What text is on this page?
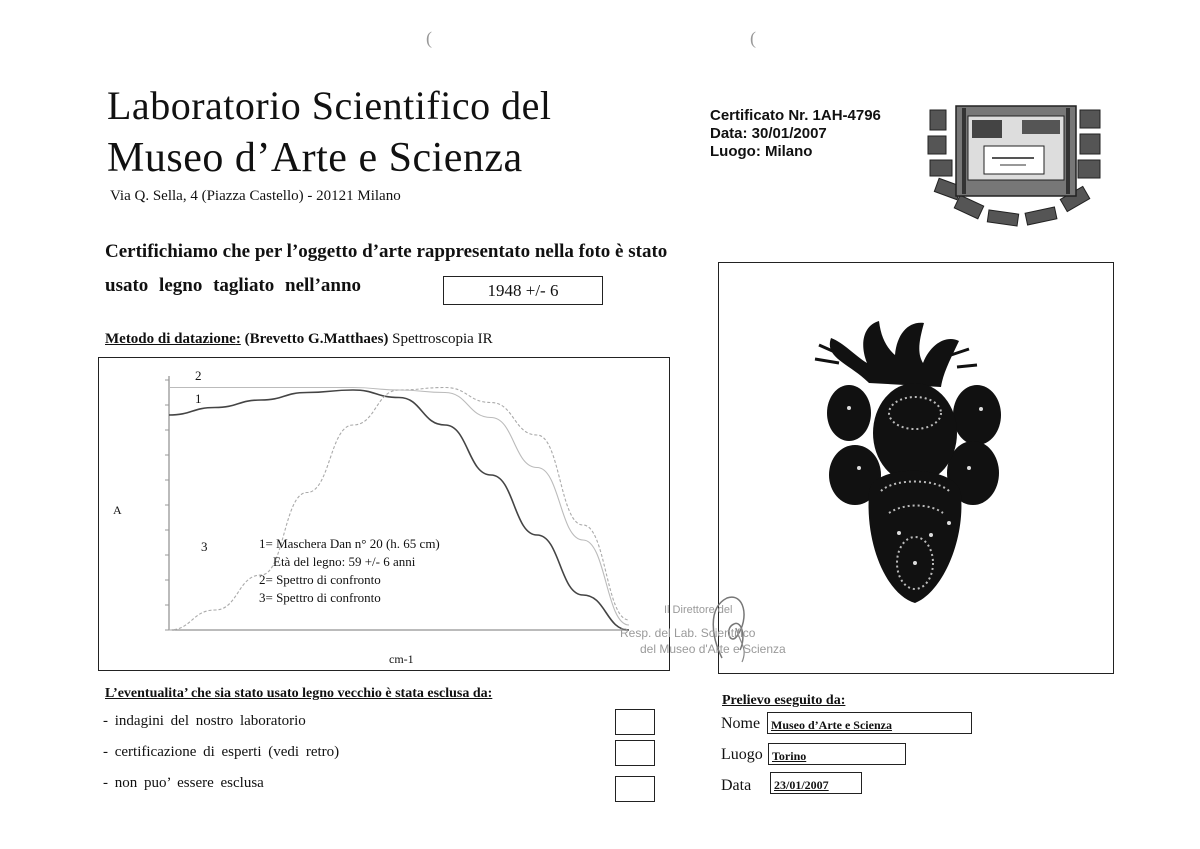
(	(
Laboratorio Scientifico del
Museo d’Arte e Scienza
Via Q. Sella, 4 (Piazza Castello) - 20121 Milano
Certificato Nr. 1AH-4796
Data: 30/01/2007
Luogo: Milano
Certifichiamo che per l’oggetto d’arte rappresentato nella foto è stato
usato legno tagliato nell’anno	1948 +/- 6
Metodo di datazione: (Brevetto G.Matthaes) Spettroscopia IR
A
cm-1
2
1
3	1= Maschera Dan n° 20 (h. 65 cm)
Età del legno: 59 +/- 6 anni
2= Spettro di confronto
3= Spettro di confronto
Il Direttore del
Resp. del Lab. Scientifico
del Museo d'Arte e Scienza
L’eventualita’ che sia stato usato legno vecchio è stata esclusa da:
- indagini del nostro laboratorio
- certificazione di esperti (vedi retro)
- non puo’ essere esclusa
Prelievo eseguito da:
Nome Museo d’Arte e Scienza
Luogo Torino
Data	23/01/2007
